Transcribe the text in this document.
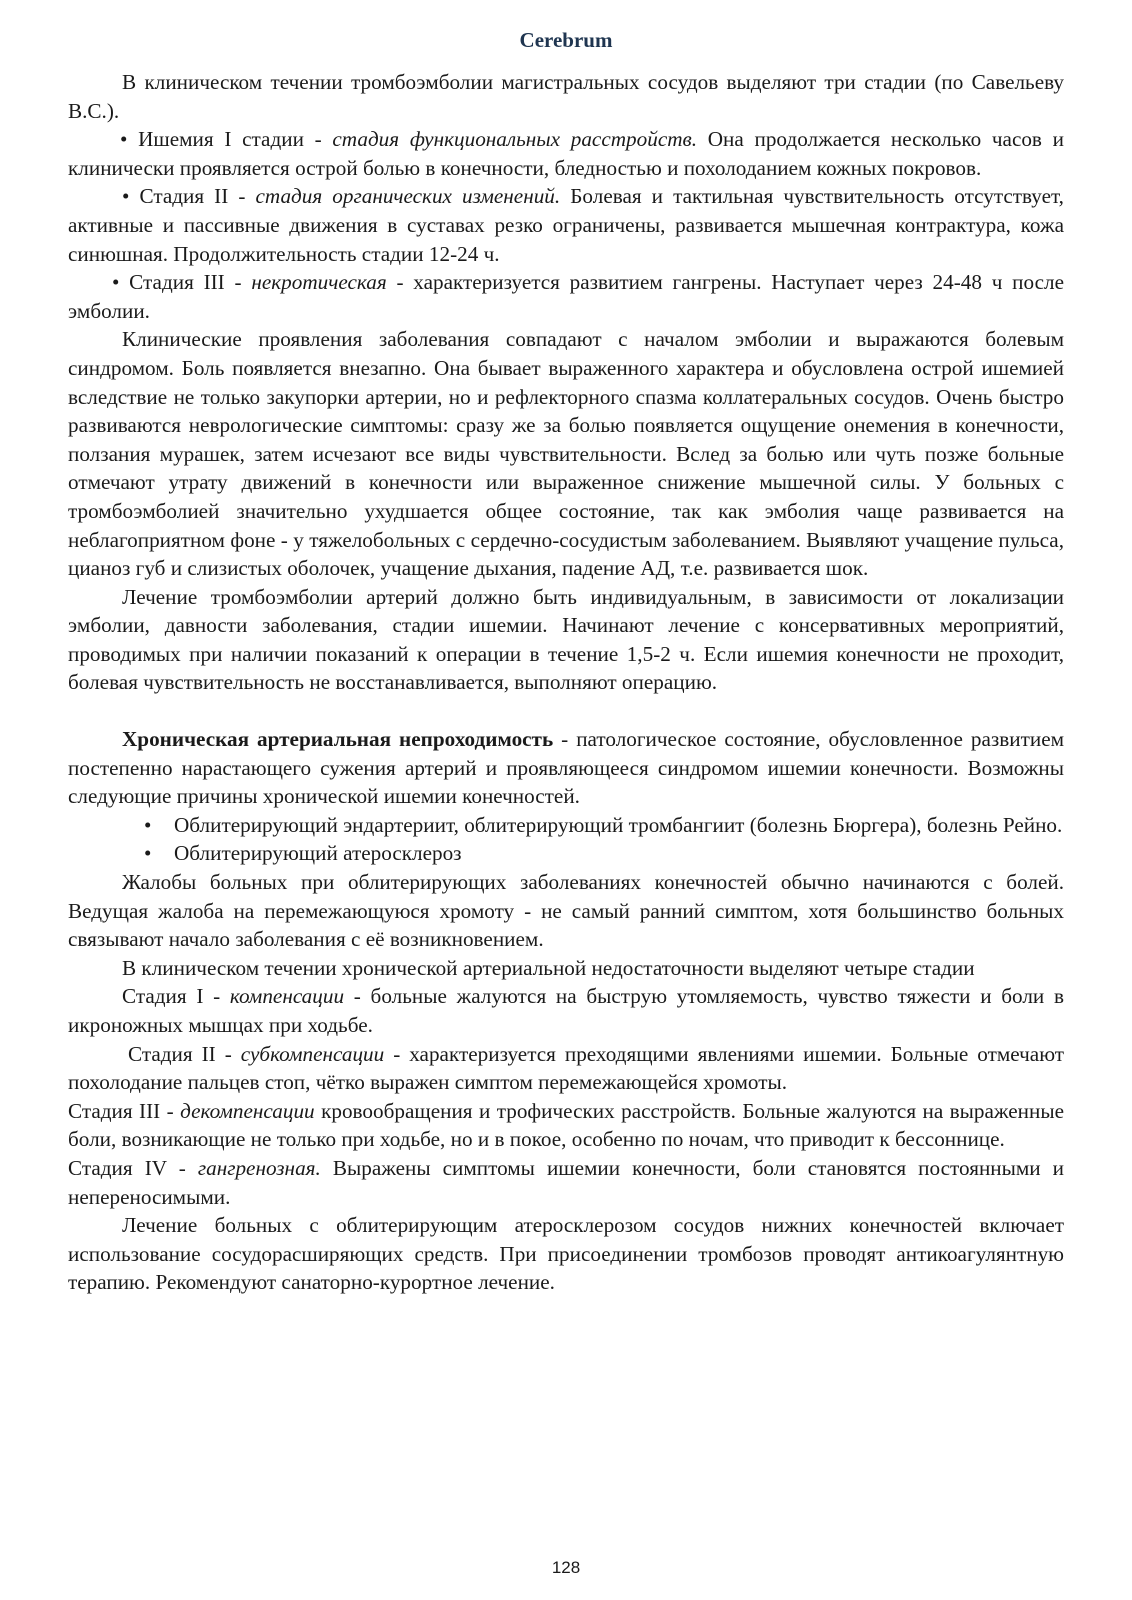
Cerebrum

В клиническом течении тромбоэмболии магистральных сосудов выделяют три стадии (по Савельеву В.С.).

• Ишемия I стадии - стадия функциональных расстройств. Она продолжается несколько часов и клинически проявляется острой болью в конечности, бледностью и похолоданием кожных покровов.

• Стадия II - стадия органических изменений. Болевая и тактильная чувствительность отсутствует, активные и пассивные движения в суставах резко ограничены, развивается мышечная контрактура, кожа синюшная. Продолжительность стадии 12-24 ч.

• Стадия III - некротическая - характеризуется развитием гангрены. Наступает через 24-48 ч после эмболии.

Клинические проявления заболевания совпадают с началом эмболии и выражаются болевым синдромом. Боль появляется внезапно. Она бывает выраженного характера и обусловлена острой ишемией вследствие не только закупорки артерии, но и рефлекторного спазма коллатеральных сосудов. Очень быстро развиваются неврологические симптомы: сразу же за болью появляется ощущение онемения в конечности, ползания мурашек, затем исчезают все виды чувствительности. Вслед за болью или чуть позже больные отмечают утрату движений в конечности или выраженное снижение мышечной силы. У больных с тромбоэмболией значительно ухудшается общее состояние, так как эмболия чаще развивается на неблагоприятном фоне - у тяжелобольных с сердечно-сосудистым заболеванием. Выявляют учащение пульса, цианоз губ и слизистых оболочек, учащение дыхания, падение АД, т.е. развивается шок.

Лечение тромбоэмболии артерий должно быть индивидуальным, в зависимости от локализации эмболии, давности заболевания, стадии ишемии. Начинают лечение с консервативных мероприятий, проводимых при наличии показаний к операции в течение 1,5-2 ч. Если ишемия конечности не проходит, болевая чувствительность не восстанавливается, выполняют операцию.

Хроническая артериальная непроходимость - патологическое состояние, обусловленное развитием постепенно нарастающего сужения артерий и проявляющееся синдромом ишемии конечности. Возможны следующие причины хронической ишемии конечностей.

• Облитерирующий эндартериит, облитерирующий тромбангиит (болезнь Бюргера), болезнь Рейно.
• Облитерирующий атеросклероз

Жалобы больных при облитерирующих заболеваниях конечностей обычно начинаются с болей. Ведущая жалоба на перемежающуюся хромоту - не самый ранний симптом, хотя большинство больных связывают начало заболевания с её возникновением.

В клиническом течении хронической артериальной недостаточности выделяют четыре стадии

Стадия I - компенсации - больные жалуются на быструю утомляемость, чувство тяжести и боли в икроножных мышцах при ходьбе.

Стадия II - субкомпенсации - характеризуется преходящими явлениями ишемии. Больные отмечают похолодание пальцев стоп, чётко выражен симптом перемежающейся хромоты.

Стадия III - декомпенсации кровообращения и трофических расстройств. Больные жалуются на выраженные боли, возникающие не только при ходьбе, но и в покое, особенно по ночам, что приводит к бессоннице.

Стадия IV - гангренозная. Выражены симптомы ишемии конечности, боли становятся постоянными и непереносимыми.

Лечение больных с облитерирующим атеросклерозом сосудов нижних конечностей включает использование сосудорасширяющих средств. При присоединении тромбозов проводят антикоагулянтную терапию. Рекомендуют санаторно-курортное лечение.

128
